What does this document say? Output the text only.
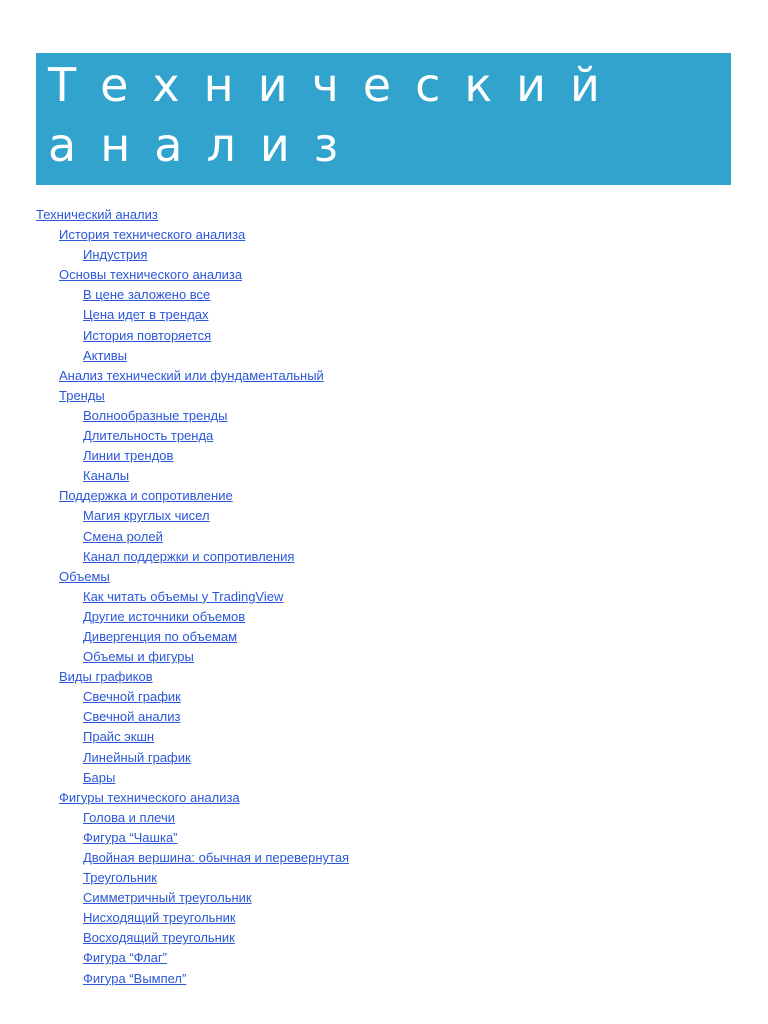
Технический анализ
Технический анализ
История технического анализа
Индустрия
Основы технического анализа
В цене заложено все
Цена идет в трендах
История повторяется
Активы
Анализ технический или фундаментальный
Тренды
Волнообразные тренды
Длительность тренда
Линии трендов
Каналы
Поддержка и сопротивление
Магия круглых чисел
Смена ролей
Канал поддержки и сопротивления
Объемы
Как читать объемы у TradingView
Другие источники объемов
Дивергенция по объемам
Объемы и фигуры
Виды графиков
Свечной график
Свечной анализ
Прайс экшн
Линейный график
Бары
Фигуры технического анализа
Голова и плечи
Фигура “Чашка”
Двойная вершина: обычная и перевернутая
Треугольник
Симметричный треугольник
Нисходящий треугольник
Восходящий треугольник
Фигура “Флаг”
Фигура “Вымпел”
